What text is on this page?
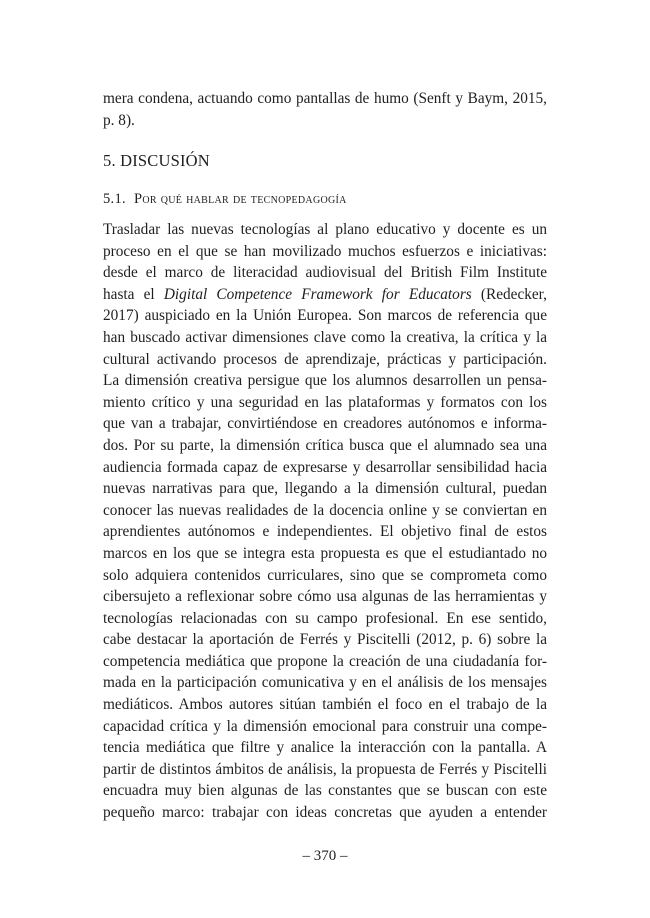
mera condena, actuando como pantallas de humo (Senft y Baym, 2015,
p. 8).

5. DISCUSIÓN
5.1. Por qué hablar de tecnopedagogía

Trasladar las nuevas tecnologías al plano educativo y docente es un
proceso en el que se han movilizado muchos esfuerzos e iniciativas:
desde el marco de literacidad audiovisual del British Film Institute
hasta el Digital Competence Framework for Educators (Redecker,
2017) auspiciado en la Unión Europea. Son marcos de referencia que
han buscado activar dimensiones clave como la creativa, la crítica y la
cultural activando procesos de aprendizaje, prácticas y participación.
La dimensión creativa persigue que los alumnos desarrollen un pensa-
miento crítico y una seguridad en las plataformas y formatos con los
que van a trabajar, convirtiéndose en creadores autónomos e informa-
dos. Por su parte, la dimensión crítica busca que el alumnado sea una
audiencia formada capaz de expresarse y desarrollar sensibilidad hacia
nuevas narrativas para que, llegando a la dimensión cultural, puedan
conocer las nuevas realidades de la docencia online y se conviertan en
aprendientes autónomos e independientes. El objetivo final de estos
marcos en los que se integra esta propuesta es que el estudiantado no
solo adquiera contenidos curriculares, sino que se comprometa como
cibersujeto a reflexionar sobre cómo usa algunas de las herramientas y
tecnologías relacionadas con su campo profesional. En ese sentido,
cabe destacar la aportación de Ferrés y Piscitelli (2012, p. 6) sobre la
competencia mediática que propone la creación de una ciudadanía for-
mada en la participación comunicativa y en el análisis de los mensajes
mediáticos. Ambos autores sitúan también el foco en el trabajo de la
capacidad crítica y la dimensión emocional para construir una compe-
tencia mediática que filtre y analice la interacción con la pantalla. A
partir de distintos ámbitos de análisis, la propuesta de Ferrés y Piscitelli
encuadra muy bien algunas de las constantes que se buscan con este
pequeño marco: trabajar con ideas concretas que ayuden a entender

– 370 –
